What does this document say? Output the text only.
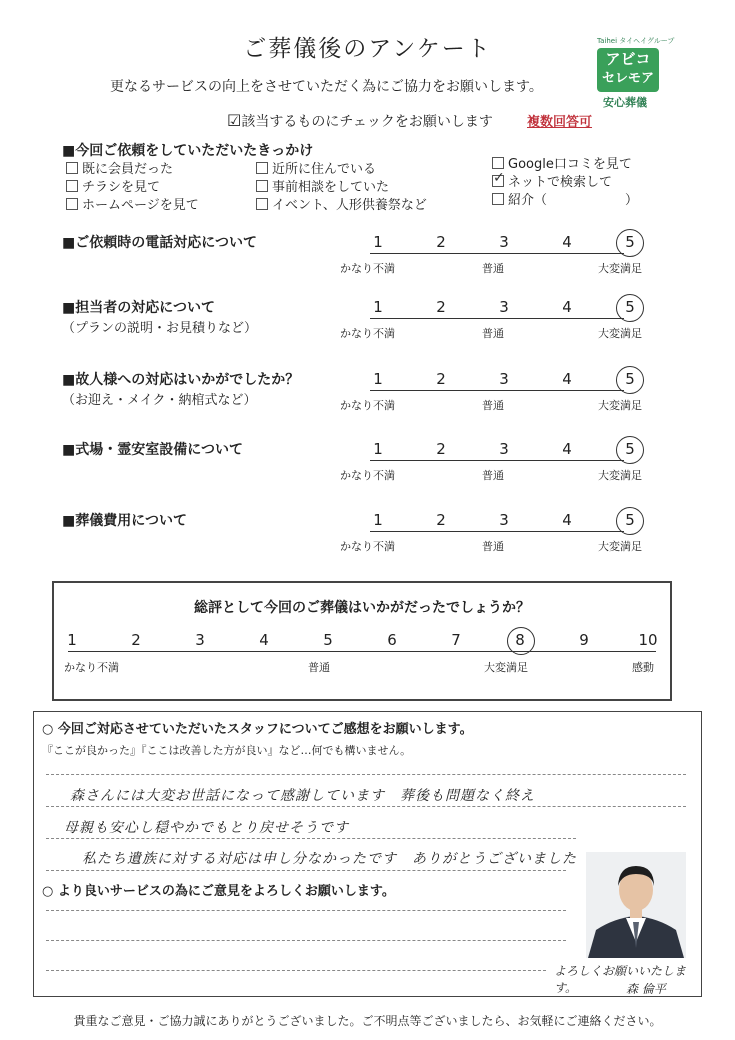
ご葬儀後のアンケート
更なるサービスの向上をさせていただく為にご協力をお願いします。
Taihei タイヘイグループ
アビコ
セレモア
安心葬儀
☑該当するものにチェックをお願いします	複数回答可
■今回ご依頼をしていただいたきっかけ
既に会員だった
チラシを見て
ホームページを見て
近所に住んでいる
事前相談をしていた
イベント、人形供養祭など
Google口コミを見て
✓ネットで検索して
紹介（　　　　　　）
■ご依頼時の電話対応について	1	2	3	4	5
かなり不満	普通	大変満足
■担当者の対応について
（プランの説明・お見積りなど）
1	2	3	4	5
かなり不満	普通	大変満足
■故人様への対応はいかがでしたか？
（お迎え・メイク・納棺式など）
1	2	3	4	5
かなり不満	普通	大変満足
■式場・霊安室設備について	1	2	3	4	5
かなり不満	普通	大変満足
■葬儀費用について	1	2	3	4	5
かなり不満	普通	大変満足
総評として今回のご葬儀はいかがだったでしょうか？
1	2	3	4	5	6	7	8	9	10
かなり不満	普通	大変満足	感動
○ 今回ご対応させていただいたスタッフについてご感想をお願いします。
『ここが良かった』『ここは改善した方が良い』など…何でも構いません。
森さんには大変お世話になって感謝しています　葬後も問題なく終え
母親も安心し穏やかでもとり戻せそうです
私たち遺族に対する対応は申し分なかったです　ありがとうございました
○ より良いサービスの為にご意見をよろしくお願いします。
よろしくお願いいたします。	森 倫平
貴重なご意見・ご協力誠にありがとうございました。ご不明点等ございましたら、お気軽にご連絡ください。
